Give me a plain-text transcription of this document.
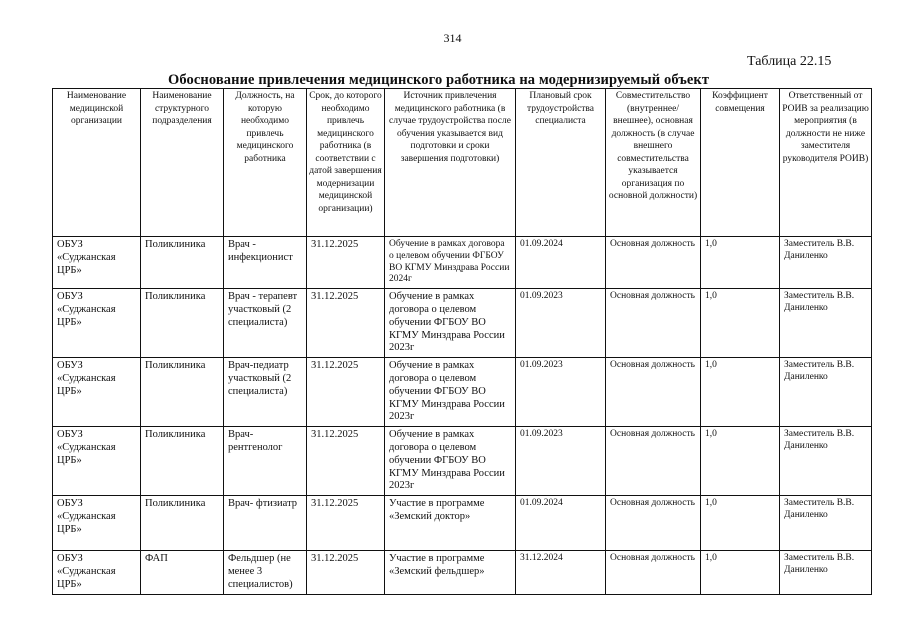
314
Таблица 22.15
Обоснование привлечения медицинского работника на модернизируемый объект
Наименование медицинской организации	Наименование структурного подразделения	Должность, на которую необходимо привлечь медицинского работника	Срок, до которого необходимо привлечь медицинского работника (в соответствии с датой завершения модернизации медицинской организации)	Источник привлечения медицинского работника (в случае трудоустройства после обучения указывается вид подготовки и сроки завершения подготовки)	Плановый срок трудоустройства специалиста	Совместительство (внутреннее/внешнее), основная должность (в случае внешнего совместительства указывается организация по основной должности)	Коэффициент совмещения	Ответственный от РОИВ за реализацию мероприятия (в должности не ниже заместителя руководителя РОИВ)
ОБУЗ «Суджанская ЦРБ»	Поликлиника	Врач - инфекционист	31.12.2025	Обучение в рамках договора о целевом обучении ФГБОУ ВО КГМУ Минздрава России 2024г	01.09.2024	Основная должность	1,0	Заместитель В.В. Даниленко
ОБУЗ «Суджанская ЦРБ»	Поликлиника	Врач - терапевт участковый (2 специалиста)	31.12.2025	Обучение в рамках договора о целевом обучении ФГБОУ ВО КГМУ Минздрава России 2023г	01.09.2023	Основная должность	1,0	Заместитель В.В. Даниленко
ОБУЗ «Суджанская ЦРБ»	Поликлиника	Врач-педиатр участковый (2 специалиста)	31.12.2025	Обучение в рамках договора о целевом обучении ФГБОУ ВО КГМУ Минздрава России 2023г	01.09.2023	Основная должность	1,0	Заместитель В.В. Даниленко
ОБУЗ «Суджанская ЦРБ»	Поликлиника	Врач-рентгенолог	31.12.2025	Обучение в рамках договора о целевом обучении ФГБОУ ВО КГМУ Минздрава России 2023г	01.09.2023	Основная должность	1,0	Заместитель В.В. Даниленко
ОБУЗ «Суджанская ЦРБ»	Поликлиника	Врач- фтизиатр	31.12.2025	Участие в программе «Земский доктор»	01.09.2024	Основная должность	1,0	Заместитель В.В. Даниленко
ОБУЗ «Суджанская ЦРБ»	ФАП	Фельдшер (не менее 3 специалистов)	31.12.2025	Участие в программе «Земский фельдшер»	31.12.2024	Основная должность	1,0	Заместитель В.В. Даниленко
